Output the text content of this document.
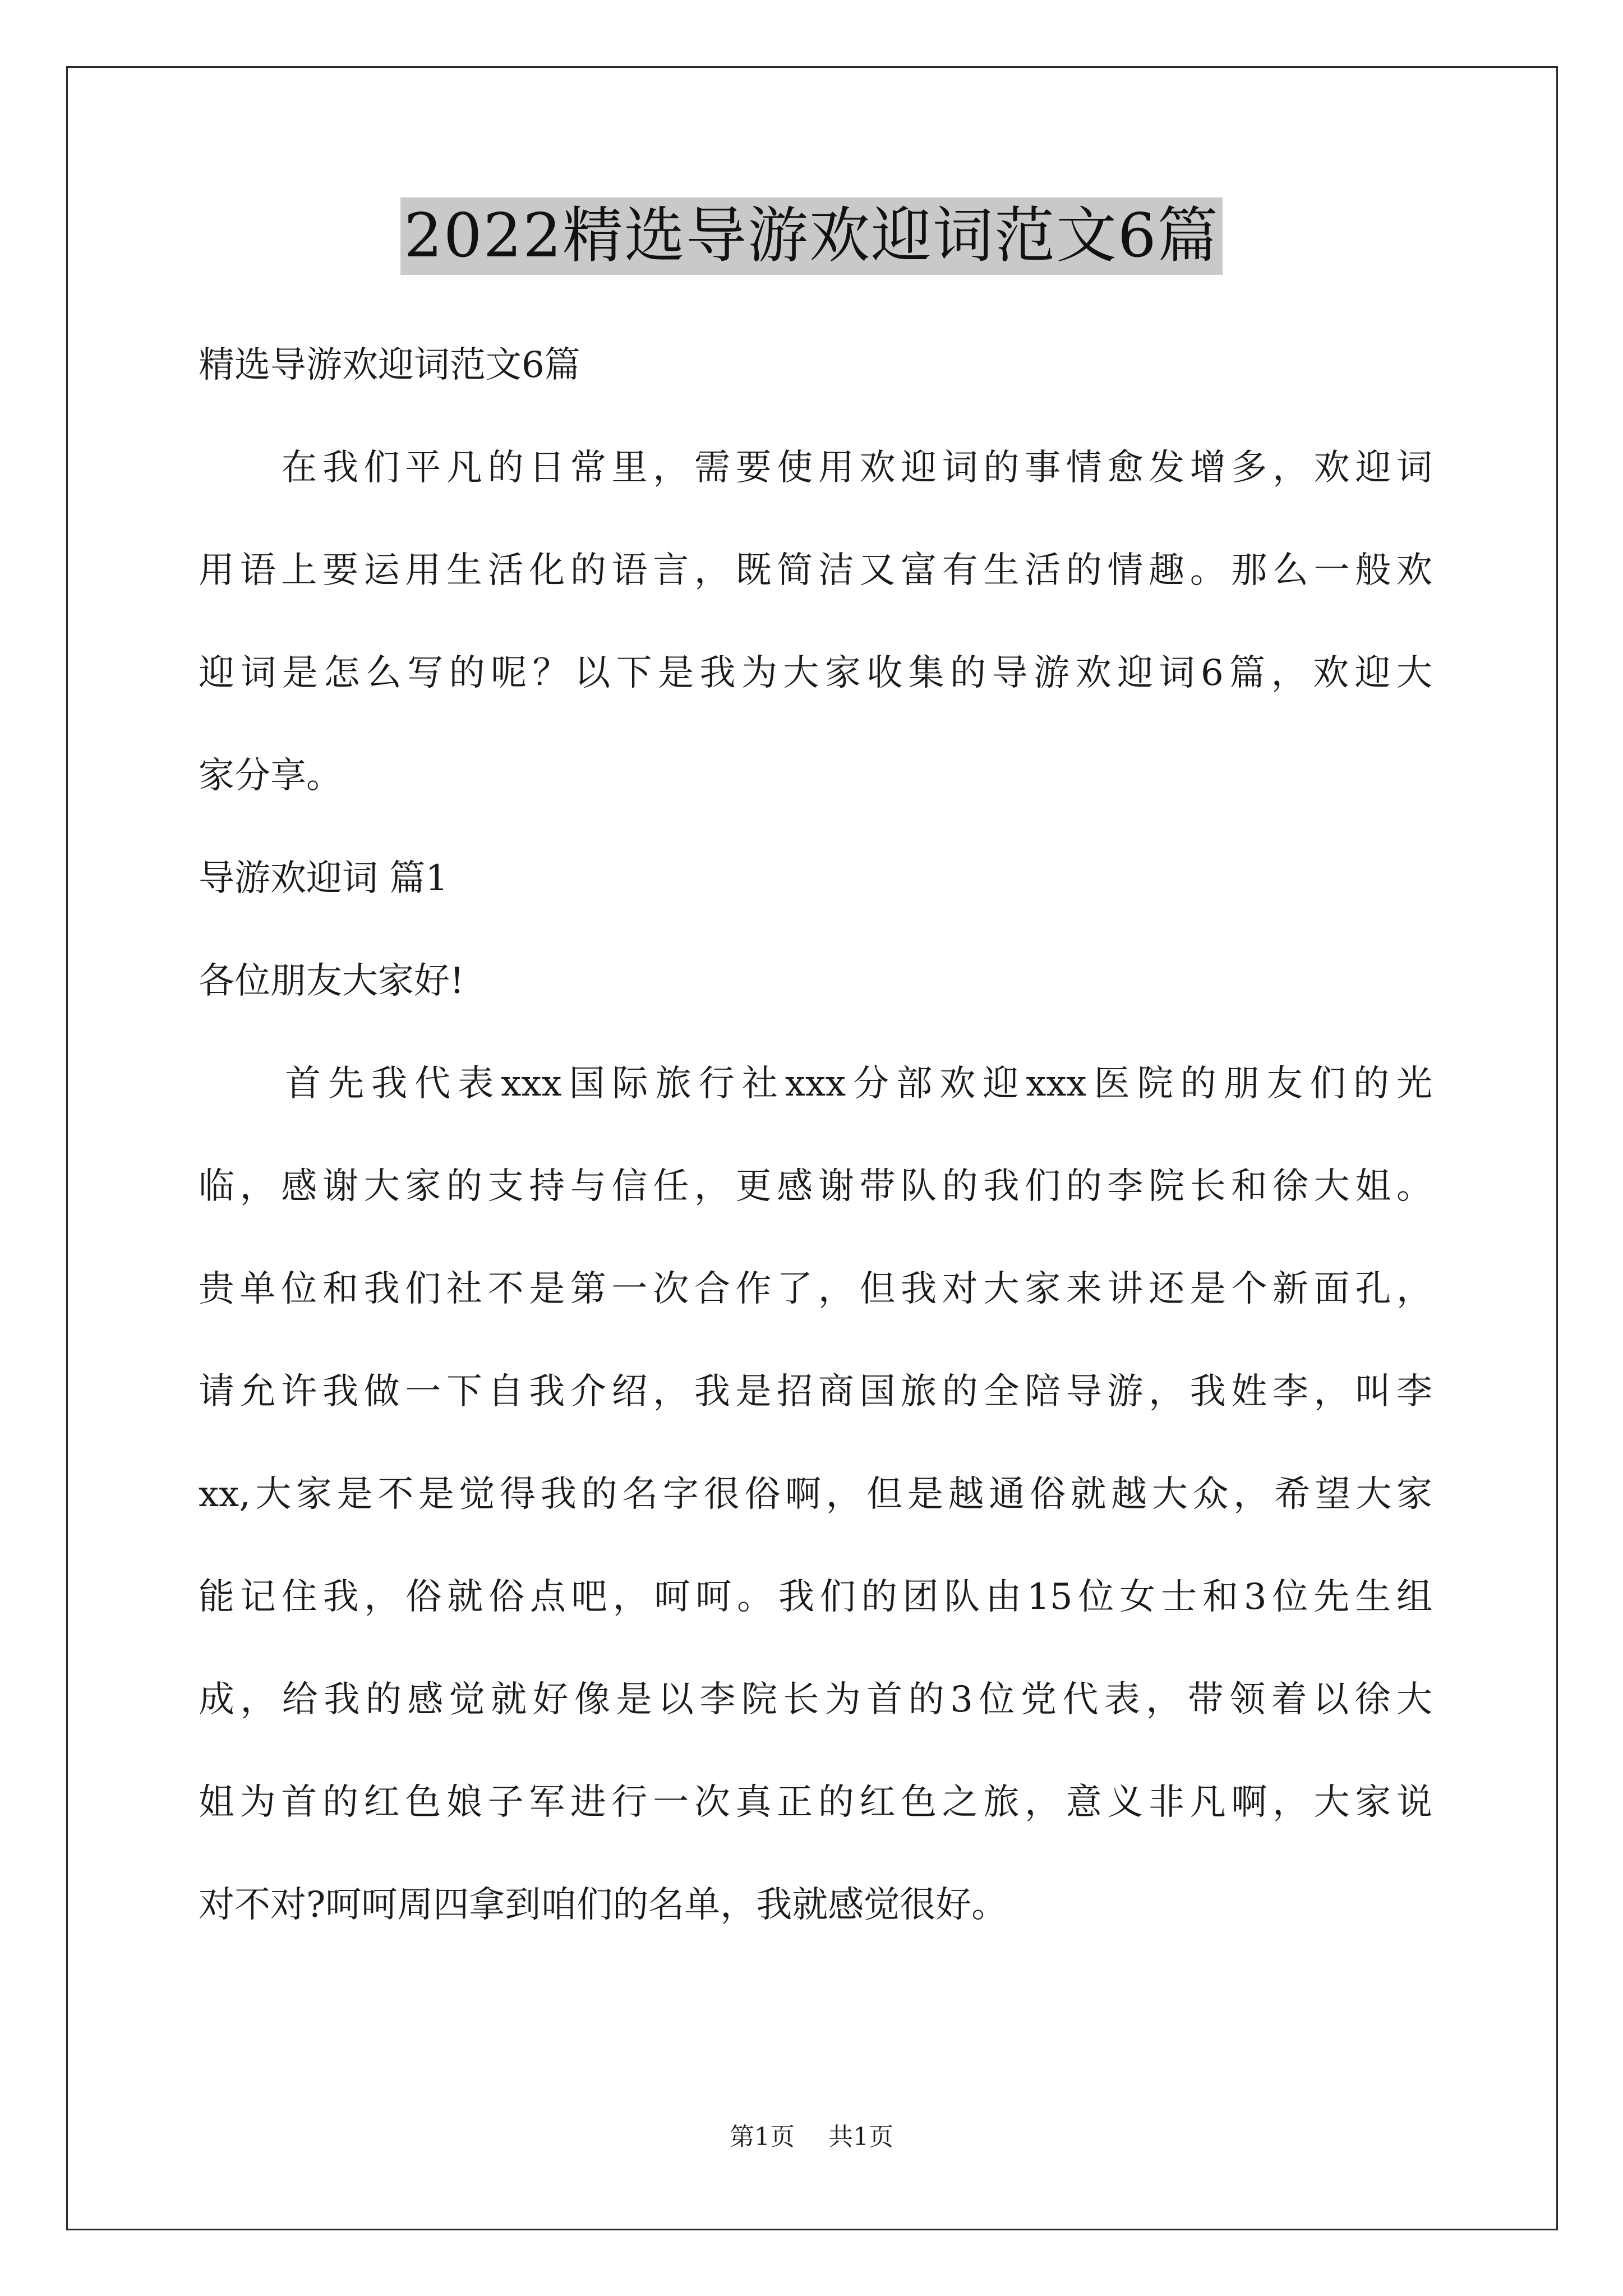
2022精选导游欢迎词范文6篇
精选导游欢迎词范文6篇
　　在我们平凡的日常里，需要使用欢迎词的事情愈发增多，欢迎词
用语上要运用生活化的语言，既简洁又富有生活的情趣。那么一般欢
迎词是怎么写的呢？以下是我为大家收集的导游欢迎词6篇，欢迎大
家分享。
导游欢迎词 篇1
各位朋友大家好!
　　首先我代表xxx国际旅行社xxx分部欢迎xxx医院的朋友们的光
临，感谢大家的支持与信任，更感谢带队的我们的李院长和徐大姐。
贵单位和我们社不是第一次合作了，但我对大家来讲还是个新面孔，
请允许我做一下自我介绍，我是招商国旅的全陪导游，我姓李，叫李
xx,大家是不是觉得我的名字很俗啊，但是越通俗就越大众，希望大家
能记住我，俗就俗点吧，呵呵。我们的团队由15位女士和3位先生组
成，给我的感觉就好像是以李院长为首的3位党代表，带领着以徐大
姐为首的红色娘子军进行一次真正的红色之旅，意义非凡啊，大家说
对不对?呵呵周四拿到咱们的名单，我就感觉很好。
第1页 共1页
